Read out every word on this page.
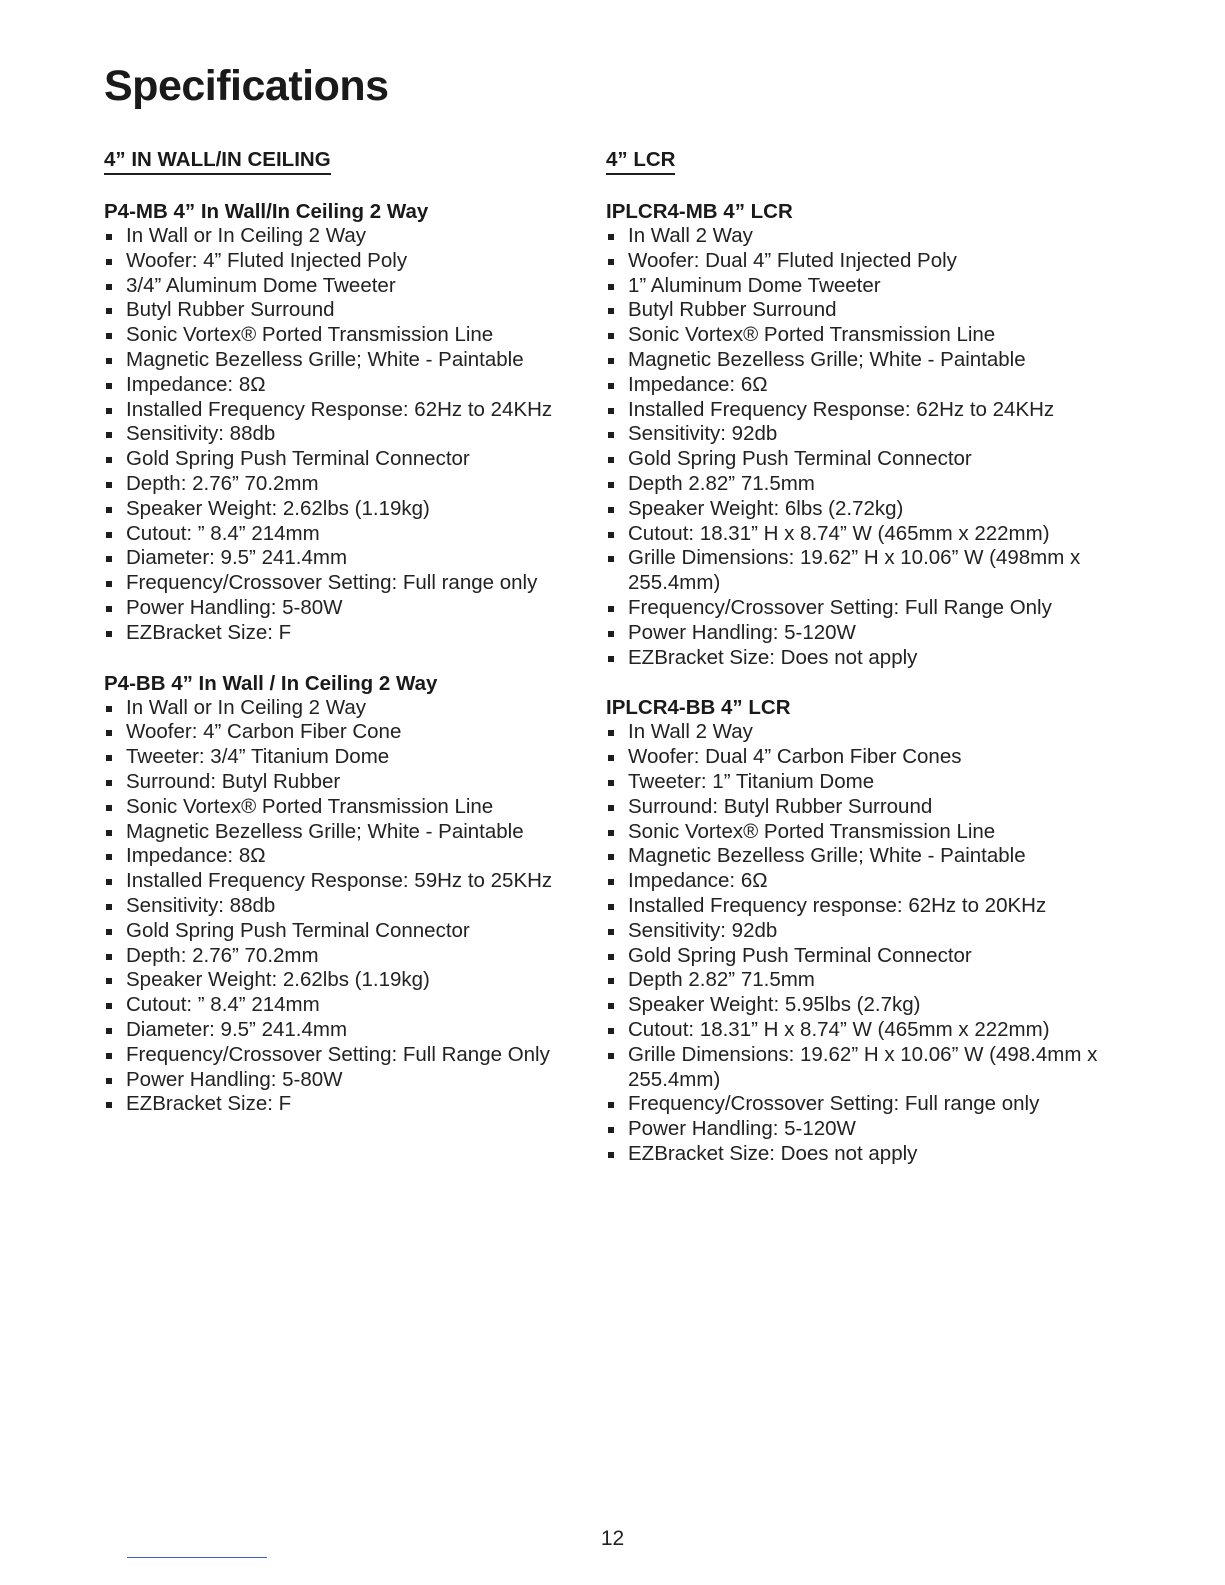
Specifications
4” IN WALL/IN CEILING
P4-MB 4” In Wall/In Ceiling 2 Way
In Wall or In Ceiling 2 Way
Woofer: 4” Fluted Injected Poly
3/4” Aluminum Dome Tweeter
Butyl Rubber Surround
Sonic Vortex® Ported Transmission Line
Magnetic Bezelless Grille; White - Paintable
Impedance: 8Ω
Installed Frequency Response: 62Hz to 24KHz
Sensitivity: 88db
Gold Spring Push Terminal Connector
Depth: 2.76” 70.2mm
Speaker Weight: 2.62lbs (1.19kg)
Cutout: ” 8.4” 214mm
Diameter: 9.5” 241.4mm
Frequency/Crossover Setting: Full range only
Power Handling: 5-80W
EZBracket Size: F
P4-BB 4” In Wall / In Ceiling 2 Way
In Wall or In Ceiling 2 Way
Woofer: 4” Carbon Fiber Cone
Tweeter: 3/4” Titanium Dome
Surround: Butyl Rubber
Sonic Vortex® Ported Transmission Line
Magnetic Bezelless Grille; White - Paintable
Impedance: 8Ω
Installed Frequency Response: 59Hz to 25KHz
Sensitivity: 88db
Gold Spring Push Terminal Connector
Depth: 2.76” 70.2mm
Speaker Weight: 2.62lbs (1.19kg)
Cutout: ” 8.4” 214mm
Diameter: 9.5” 241.4mm
Frequency/Crossover Setting: Full Range Only
Power Handling: 5-80W
EZBracket Size: F
4” LCR
IPLCR4-MB 4” LCR
In Wall 2 Way
Woofer: Dual 4” Fluted Injected Poly
1” Aluminum Dome Tweeter
Butyl Rubber Surround
Sonic Vortex® Ported Transmission Line
Magnetic Bezelless Grille; White - Paintable
Impedance: 6Ω
Installed Frequency Response: 62Hz to 24KHz
Sensitivity: 92db
Gold Spring Push Terminal Connector
Depth 2.82” 71.5mm
Speaker Weight: 6lbs (2.72kg)
Cutout: 18.31” H x 8.74” W (465mm x 222mm)
Grille Dimensions: 19.62” H x 10.06” W (498mm x 255.4mm)
Frequency/Crossover Setting: Full Range Only
Power Handling: 5-120W
EZBracket Size: Does not apply
IPLCR4-BB 4” LCR
In Wall 2 Way
Woofer: Dual 4” Carbon Fiber Cones
Tweeter: 1” Titanium Dome
Surround: Butyl Rubber Surround
Sonic Vortex® Ported Transmission Line
Magnetic Bezelless Grille; White - Paintable
Impedance: 6Ω
Installed Frequency response: 62Hz to 20KHz
Sensitivity: 92db
Gold Spring Push Terminal Connector
Depth 2.82” 71.5mm
Speaker Weight: 5.95lbs (2.7kg)
Cutout: 18.31” H x 8.74” W (465mm x 222mm)
Grille Dimensions: 19.62” H x 10.06” W (498.4mm x 255.4mm)
Frequency/Crossover Setting: Full range only
Power Handling: 5-120W
EZBracket Size: Does not apply
12
